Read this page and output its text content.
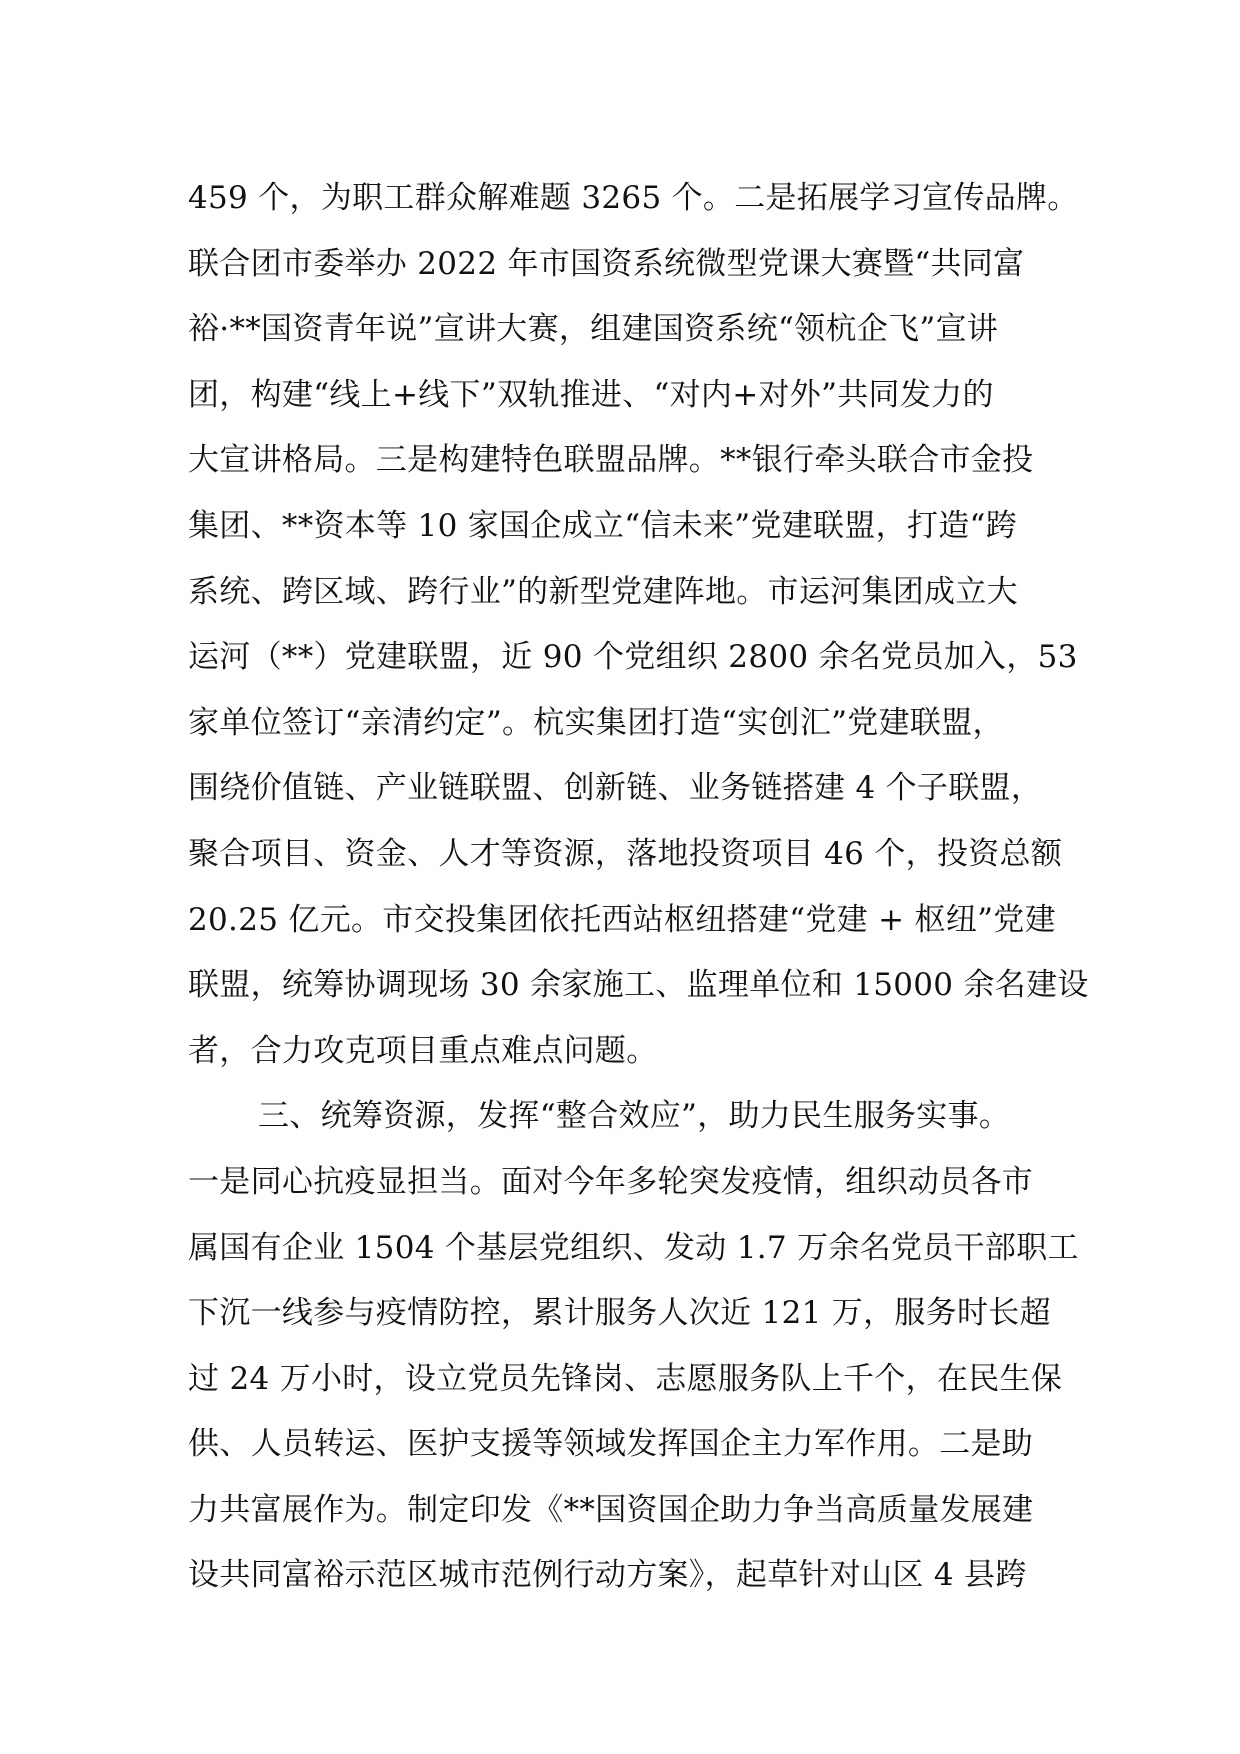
459 个，为职工群众解难题 3265 个。二是拓展学习宣传品牌。
联合团市委举办 2022 年市国资系统微型党课大赛暨“共同富
裕·**国资青年说”宣讲大赛，组建国资系统“领杭企飞”宣讲
团，构建“线上+线下”双轨推进、“对内+对外”共同发力的
大宣讲格局。三是构建特色联盟品牌。**银行牵头联合市金投
集团、**资本等 10 家国企成立“信未来”党建联盟，打造“跨
系统、跨区域、跨行业”的新型党建阵地。市运河集团成立大
运河（**）党建联盟，近 90 个党组织 2800 余名党员加入，53
家单位签订“亲清约定”。杭实集团打造“实创汇”党建联盟，
围绕价值链、产业链联盟、创新链、业务链搭建 4 个子联盟，
聚合项目、资金、人才等资源，落地投资项目 46 个，投资总额
20.25 亿元。市交投集团依托西站枢纽搭建“党建 + 枢纽”党建
联盟，统筹协调现场 30 余家施工、监理单位和 15000 余名建设
者，合力攻克项目重点难点问题。
三、统筹资源，发挥“整合效应”，助力民生服务实事。
一是同心抗疫显担当。面对今年多轮突发疫情，组织动员各市
属国有企业 1504 个基层党组织、发动 1.7 万余名党员干部职工
下沉一线参与疫情防控，累计服务人次近 121 万，服务时长超
过 24 万小时，设立党员先锋岗、志愿服务队上千个，在民生保
供、人员转运、医护支援等领域发挥国企主力军作用。二是助
力共富展作为。制定印发《**国资国企助力争当高质量发展建
设共同富裕示范区城市范例行动方案》，起草针对山区 4 县跨
